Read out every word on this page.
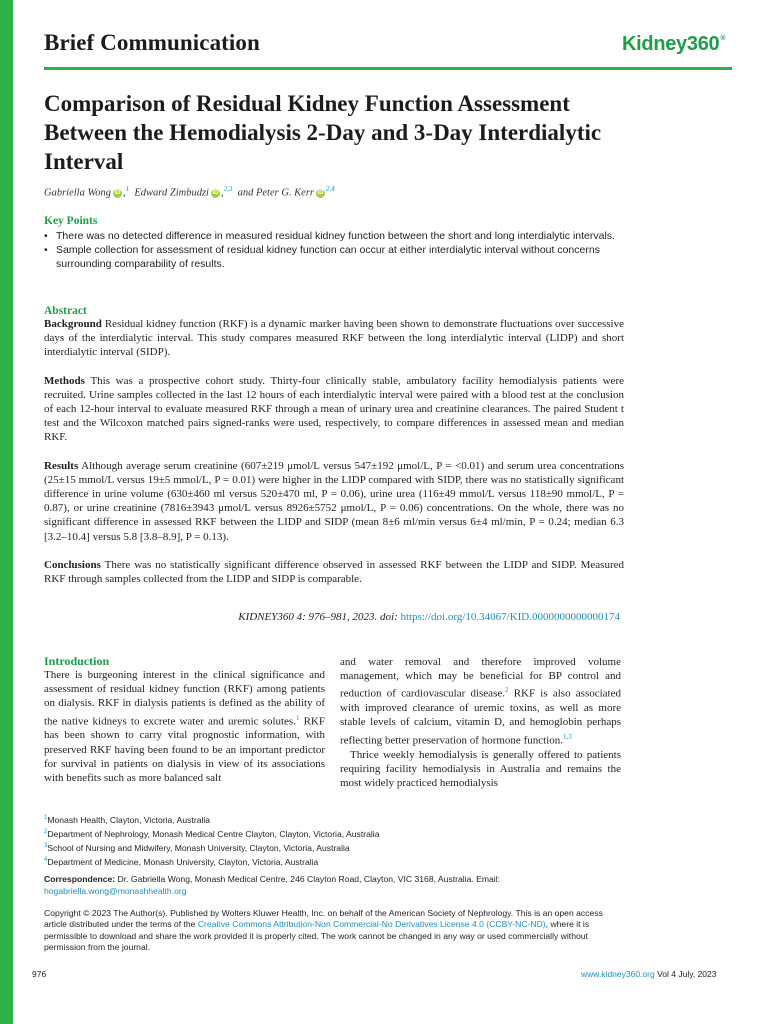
Brief Communication	Kidney360®
Comparison of Residual Kidney Function Assessment Between the Hemodialysis 2-Day and 3-Day Interdialytic Interval
Gabriella Wong iD ,$^1$ Edward Zimbudzi iD ,$^{2,3}$ and Peter G. Kerr iD $^{2,4}$
Key Points
• There was no detected difference in measured residual kidney function between the short and long interdialytic intervals.
• Sample collection for assessment of residual kidney function can occur at either interdialytic interval without concerns surrounding comparability of results.
Abstract

Background Residual kidney function (RKF) is a dynamic marker having been shown to demonstrate fluctuations over successive days of the interdialytic interval. This study compares measured RKF between the long interdialytic interval (LIDP) and short interdialytic interval (SIDP).

Methods This was a prospective cohort study. Thirty-four clinically stable, ambulatory facility hemodialysis patients were recruited. Urine samples collected in the last 12 hours of each interdialytic interval were paired with a blood test at the conclusion of each 12-hour interval to evaluate measured RKF through a mean of urinary urea and creatinine clearances. The paired Student t test and the Wilcoxon matched pairs signed-ranks were used, respectively, to compare differences in assessed mean and median RKF.

Results Although average serum creatinine (607±219 μmol/L versus 547±192 μmol/L, P = <0.01) and serum urea concentrations (25±15 mmol/L versus 19±5 mmol/L, P = 0.01) were higher in the LIDP compared with SIDP, there was no statistically significant difference in urine volume (630±460 ml versus 520±470 ml, P = 0.06), urine urea (116±49 mmol/L versus 118±90 mmol/L, P = 0.87), or urine creatinine (7816±3943 μmol/L versus 8926±5752 μmol/L, P = 0.06) concentrations. On the whole, there was no significant difference in assessed RKF between the LIDP and SIDP (mean 8±6 ml/min versus 6±4 ml/min, P = 0.24; median 6.3 [3.2–10.4] versus 5.8 [3.8–8.9], P = 0.13).

Conclusions There was no statistically significant difference observed in assessed RKF between the LIDP and SIDP. Measured RKF through samples collected from the LIDP and SIDP is comparable.

KIDNEY360 4: 976–981, 2023. doi: https://doi.org/10.34067/KID.0000000000000174
Introduction

There is burgeoning interest in the clinical significance and assessment of residual kidney function (RKF) among patients on dialysis. RKF in dialysis patients is defined as the ability of the native kidneys to excrete water and uremic solutes.$^1$ RKF has been shown to carry vital prognostic information, with preserved RKF having been found to be an important predictor for survival in patients on dialysis in view of its associations with benefits such as more balanced salt

and water removal and therefore improved volume management, which may be beneficial for BP control and reduction of cardiovascular disease.$^2$ RKF is also associated with improved clearance of uremic toxins, as well as more stable levels of calcium, vitamin D, and hemoglobin perhaps reflecting better preservation of hormone function.$^{1,3}$

Thrice weekly hemodialysis is generally offered to patients requiring facility hemodialysis in Australia and remains the most widely practiced hemodialysis

$^1$Monash Health, Clayton, Victoria, Australia
$^2$Department of Nephrology, Monash Medical Centre Clayton, Clayton, Victoria, Australia
$^3$School of Nursing and Midwifery, Monash University, Clayton, Victoria, Australia
$^4$Department of Medicine, Monash University, Clayton, Victoria, Australia
Correspondence: Dr. Gabriella Wong, Monash Medical Centre, 246 Clayton Road, Clayton, VIC 3168, Australia. Email: hogabriella.wong@monashhealth.org
Copyright © 2023 The Author(s). Published by Wolters Kluwer Health, Inc. on behalf of the American Society of Nephrology. This is an open access article distributed under the terms of the Creative Commons Attribution-Non Commercial-No Derivatives License 4.0 (CCBY-NC-ND), where it is permissible to download and share the work provided it is properly cited. The work cannot be changed in any way or used commercially without permission from the journal.
976	www.kidney360.org Vol 4 July, 2023
